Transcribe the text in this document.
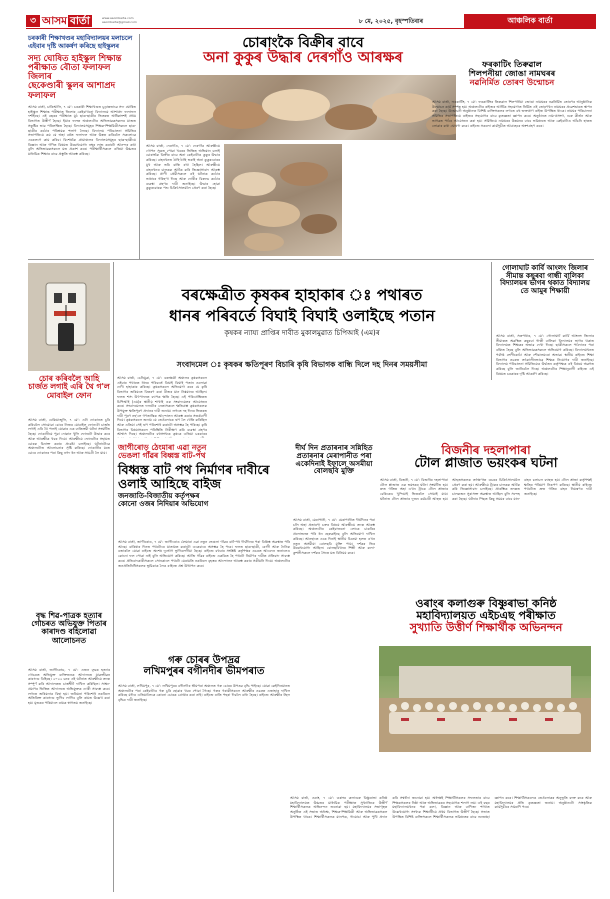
৩ আসম বার্তা	www.asombarta.com
asombarta@gmail.com	৮ মে, ২০২৫, বৃহস্পতিবাৰ	আঞ্চলিক বাৰ্তা
চৰকাৰী শিক্ষাখণ্ডৰ মহাবিদ্যালয়ৰ মলাচলে
এইবাৰ দৃষ্টি আকৰ্ষণ কৰিছে হাইস্কুলৰ
সদ্য ঘোষিত হাইস্কুল শিক্ষান্ত
পৰীক্ষাত বৌতা ফলাফল জিলাৰ
ছেকেণ্ডাৰী স্কুলৰ আশাপ্ৰদ ফলাফল
আসম বাৰ্তা, চাৰিআলি, ৭ মে': চৰকাৰী শিক্ষাখণ্ডত চূড়ান্তভাৱে সদ্য ঘোষিত হাইস্কুল শিক্ষান্ত পৰীক্ষাত জিলাৰ কেইবাখনো বিদ্যালয়ে আশাপ্ৰদ ফলাফল দৰ্শাইছে। এই বছৰৰ পৰীক্ষাত মুঠ ছাত্ৰ-ছাত্ৰীৰ ভিতৰত অধিকাংশই প্ৰথম বিভাগত উত্তীৰ্ণ হৈছে। ইয়াৰ ফলত অঞ্চলটোৰ অভিভাৱকসকলৰ মাজত সন্তুষ্টিৰ ভাৱ পৰিলক্ষিত হৈছে। বিদ্যালয়সমূহৰ শিক্ষক-শিক্ষয়িত্ৰীসকলে ছাত্ৰ-ছাত্ৰীৰ কঠোৰ পৰিশ্ৰমক শলাগ লৈছে। বিদ্যালয় পৰিচালনা সমিতিৰ সভাপতিয়ে কয় যে অহা বৰ্ষত ফলাফল আৰু উন্নত কৰিবলৈ সকলোৱে একেলগে কাম কৰিব। বিশেষকৈ গ্ৰামাঞ্চলৰ বিদ্যালয়সমূহৰ ছাত্ৰ-ছাত্ৰীয়ে বিজ্ঞান আৰু গণিত বিষয়ত উল্লেখযোগ্য নম্বৰ লাভ কৰাটো আনন্দৰ কথা বুলি অভিভাৱকসকলে মত প্ৰকাশ কৰে। পৰীক্ষাৰ্থীসকলে এতিয়া উচ্চতৰ মাধ্যমিক শিক্ষাৰ বাবে প্ৰস্তুতি আৰম্ভ কৰিছে।
চোৰাংকৈ বিক্ৰীৰ বাবে
অনা কুকুৰ উদ্ধাৰ দেৰগাঁও আৰক্ষৰ
আসম বাৰ্তা, দেৰগাঁও, ৭ মে': দেৰগাঁও আৰক্ষীয়ে গোপন সূত্ৰত পোৱা খবৰৰ ভিত্তিত অভিযান চলাই চোৰাংকৈ বিক্ৰীৰ বাবে অনা কেইবাটাও কুকুৰ উদ্ধাৰ কৰিছে। বাহনখনত ঠাহি-ঠাহি ভৰাই অনা কুকুৰবোৰৰ মুখ আৰু ভৰি বান্ধি ৰখা হৈছিল। আৰক্ষীয়ে বাহনখনৰ চালকক আটক কৰি জিজ্ঞাসাবাদ আৰম্ভ কৰিছে। প্ৰাণী প্ৰেমীসকলে এই ঘটনাক কঠোৰ ভাষাৰে গৰিহণা দিছে আৰু দোষীৰ বিৰুদ্ধে কঠোৰ ব্যৱস্থা গ্ৰহণৰ দাবী জনাইছে। উদ্ধাৰ হোৱা কুকুৰবোৰক পশু চিকিৎসালয়লৈ প্ৰেৰণ কৰা হৈছে।
ফৰকাটিং তিৰুৱাল
শিলপনীয়া জোঙা নামঘৰৰ
নৱনিৰ্মিত তোৰণ উন্মোচন
আসম বাৰ্তা, ফৰকাটিং, ৭ মে': ফৰকাটিংৰ তিৰুৱাল শিলপনীয়া জোঙা নামঘৰৰ নৱনিৰ্মিত তোৰণৰ আনুষ্ঠানিক উন্মোচন কাৰ্য সম্পন্ন হয়। অঞ্চলটোৰ ৰাইজৰ আৰ্থিক সহযোগত নিৰ্মিত এই তোৰণখন নামঘৰৰ প্ৰৱেশদ্বাৰত স্থাপন কৰা হৈছে। উন্মোচনী অনুষ্ঠানত বিশিষ্ট ব্যক্তিসকলৰ লগতে বহু ভক্তপ্ৰাণ ৰাইজ উপস্থিত থাকে। নামঘৰ পৰিচালনা সমিতিৰ সভাপতিয়ে ৰাইজৰ সহযোগৰ বাবে কৃতজ্ঞতা জ্ঞাপন কৰে। অনুষ্ঠানত নাম-প্ৰসংগ, গুৰু কীৰ্তন আৰু ভাগৱত পাঠৰ আয়োজন কৰা হয়। সমিতিয়ে নামঘৰৰ উন্নয়নৰ বাবে ভৱিষ্যতে আৰু কেইবাটাও আঁচনি হাতত লোৱাৰ কথা ঘোষণা কৰে। ৰাইজে সকলো কাৰ্যসূচীত আগ্ৰহেৰে অংশগ্ৰহণ কৰে।
বৰক্ষেত্ৰীত কৃষকৰ হাহাকাৰ ঃ পথাৰত
ধানৰ পৰিবৰ্তে বিঘাই বিঘাই ওলাইছে পতান
কৃষকৰ ন্যায্য প্ৰাপ্তিৰ দাবীত মুকালমুৱাত চিপিআই (এম)ৰ
সংবাদমেল ঃ কৃষকৰ ক্ষতিপূৰণ বিচাৰি কৃষি বিভাগক বান্ধি দিলে দহ দিনৰ সময়সীমা
আসম বাৰ্তা, চেনিমুৱা, ৭ মে': বৰক্ষেত্ৰী অঞ্চলৰ কৃষকসকলে এইবাৰ পথাৰত ধানৰ পৰিবৰ্তে বিঘাই বিঘাই পতান ওলোৱা দেখি হাহাকাৰ কৰিছে। কৃষকসকলে অভিযোগ কৰে যে কৃষি বিভাগৰ জৰিয়তে বিতৰণ কৰা বীজৰ মান নিম্নমানৰ আছিল। ফলত শস্য উৎপাদনত ব্যাপক ক্ষতি হৈছে। এই পৰিপ্ৰেক্ষিতত চিপিআই (এম)ৰ স্থানীয় শাখাই এক সংবাদমেলৰ আয়োজন কৰে। সংবাদমেলত দলটোৰ নেতাসকলে ক্ষতিগ্ৰস্ত কৃষকসকলক উপযুক্ত ক্ষতিপূৰণ প্ৰদানৰ দাবী জনায়। লগতে দহ দিনৰ ভিতৰত দাবী পূৰণ নহ'লে গণতান্ত্ৰিক আন্দোলন আৰম্ভ কৰাৰ সতৰ্কবাণী দিয়ে। কৃষকসকলে জনায় যে তেওঁলোকে ঋণ লৈ খেতি কৰিছিল আৰু এতিয়া সেই ঋণ পৰিশোধ কৰাটো অসম্ভৱ হৈ পৰিছে। কৃষি বিভাগৰ বিষয়াসকলে পৰিস্থিতি নিৰীক্ষণ কৰি ব্যৱস্থা গ্ৰহণৰ আশ্বাস দিছে। অঞ্চলটোৰ বহুসংখ্যক কৃষকে এতিয়া চৰকাৰৰ
গোলাঘাট কাৰ্বি আংলং জিলাৰ সীমান্ত কছুৰবা গান্ধী বালিকা বিদ্যালয়ৰ ভাগৰ থকাত বিদ্যালয় তে আমুৰ শিক্ষায়ী
আসম বাৰ্তা, সৰুপথাৰ, ৭ মে': গোলাঘাট কাৰ্বি আংলং জিলাৰ সীমান্তত অৱস্থিত কছুৰবা গান্ধী বালিকা বিদ্যালয়ৰ ভাগৰ থকাত বিদ্যালয়ত শিক্ষকৰ অভাৱ দেখা দিছে। ছাত্ৰীসকলে পাঠদানৰ পৰা বঞ্চিত হৈছে বুলি অভিভাৱকসকলে অভিযোগ কৰিছে। বিদ্যালয়খনত পৰ্যাপ্ত শ্ৰেণীকোঠা আৰু শৌচালয়ৰো অভাৱ। স্থানীয় ৰাইজে শিক্ষা বিভাগৰ ওচৰত তৎকালীনভাৱে শিক্ষক নিয়োগৰ দাবী জনাইছে। বিদ্যালয় পৰিচালনা সমিতিয়েও উৰ্দ্ধতন কৰ্তৃপক্ষক এই বিষয়ে অৱগত কৰিছে বুলি জানিবলৈ দিছে। অঞ্চলটোৰ শিক্ষানুৰাগী ৰাইজে এই বিষয়ত চৰকাৰৰ দৃষ্টি আকৰ্ষণ কৰিছে।
চোৰ কৰিবলৈ আহি চাৰ্জত লগাই এৰি থৈ গ'ল মোবাইল ফোন
আসম বাৰ্তা, ঢেকিয়াজুলি, ৭ মে': এটা দোকানত চুৰি কৰিবলৈ সোমোৱা চোৰে নিজৰ মোবাইল ফোনটো চাৰ্জত লগাই এৰি থৈ পলাই যোৱাৰ এক ব্যতিক্ৰমী ঘটনা সংঘটিত হৈছে। দোকানীয়ে পুৱা দোকান খুলি ফোনটো উদ্ধাৰ কৰে আৰু আৰক্ষীক খবৰ দিয়ে। আৰক্ষীয়ে ফোনটোৰ সহায়ত চোৰক চিনাক্ত কৰাৰ প্ৰচেষ্টা চলাইছে। ঘটনাটোৱে অঞ্চলটোত আলোচনাৰ সৃষ্টি কৰিছে। দোকানীৰ মতে চোৰে দোকানৰ পৰা কিছু নগদ ধন আৰু সামগ্ৰী লৈ যায়।
বৃদ্ধ শিৱ-পাত্ৰক হত্যাৰ গোচৰত অভিযুক্ত পিতাৰ কাৰাদণ্ড বহিলোৱা আলোচনত
আসম বাৰ্তা, জাগীৰোড, ৭ মে': এজন বৃদ্ধক হত্যাৰ গোচৰত অভিযুক্ত ব্যক্তিজনক আদালতে যাৱজ্জীৱন কাৰাদণ্ড বিহিছে। ২০২২ চনৰ এই ঘটনাত আৰক্ষীয়ে তদন্ত সম্পূৰ্ণ কৰি আদালতত চাৰ্জশ্বীট দাখিল কৰিছিল। সাক্ষ্য-প্ৰমাণৰ ভিত্তিত আদালতে অভিযুক্তক দোষী সাব্যস্ত কৰে। লগতে জৰিমনাও বিহা হয়। জৰিমনা পৰিশোধ নকৰিলে অতিৰিক্ত কাৰাদণ্ড ভুগিব লাগিব বুলি ৰায়ত উল্লেখ কৰা হয়। মৃতকৰ পৰিয়ালে ৰায়ক স্বাগতম জনাইছে।
জাগীৰোড় ঠেংমাৰা এৱা নতুন
ভেঙলা গাঁৱৰ বিধ্বস্ত বাট-পথ
বিধ্বস্ত বাট পথ নিৰ্মাণৰ দাবীৰে ওলাই আহিছে বাইজ
জনজাতি-বিজাতীয় কৰ্তৃপক্ষৰ
কোনো ওজৰ নিদিয়াৰ অভিযোগ
আসম বাৰ্তা, জাগীৰোড, ৭ মে': জাগীৰোড ঠেংমাৰা এৱা নতুন ভেঙলা গাঁৱৰ বাট-পথ দীৰ্ঘদিনৰ পৰা বিধ্বস্ত অৱস্থাত পৰি আছে। বাৰিষাৰ দিনত পথটোৰে যাতায়ত কৰাটো একেবাৰে অসম্ভৱ হৈ পৰে। ফলত ছাত্ৰ-ছাত্ৰী, ৰোগী আৰু দৈনিক বজাৰলৈ যোৱা ৰাইজে অশেষ দুৰ্ভোগ ভুগিবলগীয়া হৈছে। ৰাইজে বহুবাৰ সংশ্লিষ্ট কৰ্তৃপক্ষৰ ওচৰত আবেদন জনালেও কোনো ফল পোৱা নাই বুলি অভিযোগ কৰিছে। আজি গাঁৱৰ ৰাইজে একত্ৰিত হৈ পথটো নিৰ্মাণৰ দাবীত প্ৰতিবাদ সাব্যস্ত কৰে। প্ৰতিবাদকাৰীসকলে সোনকালে পথটো মেৰামতি নকৰিলে বৃহত্তৰ আন্দোলন আৰম্ভ কৰাৰ সকীয়নি দিয়ে। অঞ্চলটোৰ জনপ্ৰতিনিধিসকলৰ ভূমিকাক লৈও ৰাইজে প্ৰশ্ন উত্থাপন কৰে।
গৰু চোৰৰ উপদ্ৰৱ
লখিমপুৰৰ বগীনদীৰ ভীমপৰাত
আসম বাৰ্তা, লখিমপুৰ, ৭ মে': লখিমপুৰৰ বগীনদীৰ ভীমপৰা অঞ্চলত গৰু চোৰৰ উপদ্ৰৱ বৃদ্ধি পাইছে। যোৱা কেইদিনমানত অঞ্চলটোৰ পৰা কেইবাটাও গৰু চুৰি হোৱাৰ খবৰ পোৱা গৈছে। গৰুৰ গৰাকীসকলে আৰক্ষীৰ ওচৰত এজাহাৰ দাখিল কৰিছে যদিও এতিয়ালৈকে কোনো চোৰক গ্ৰেপ্তাৰ কৰা নাই। ৰাইজে ৰাতি পহৰা দিবলৈ বাধ্য হৈছে। ৰাইজে আৰক্ষীৰ টহল বৃদ্ধিৰ দাবী জনাইছে।
দীৰ্ঘ দিন প্ৰতাৰনাৰ সন্নিহিত প্ৰতাৰনাৰ মেৰাপানীত পৰা একেদিনাই ইফালে অসমীয়া বোলছবি মুক্তি
আসম বাৰ্তা, মেৰাপানী, ৭ মে': মেৰাপানীত দীৰ্ঘদিনৰ পৰা চলি অহা প্ৰতাৰণা চক্ৰৰ বিষয়ে আৰক্ষীয়ে তদন্ত আৰম্ভ কৰিছে। অঞ্চলটোৰ কেইবাজনো লোকে চাকৰিৰ প্ৰলোভনত পৰি ধন হেৰুৱাইছে বুলি অভিযোগ দাখিল কৰিছে। আনহাতে একে দিনাই স্থানীয় চিনেমা হলত এখন নতুন অসমীয়া বোলছবি মুক্তি পায়। দৰ্শকৰ ভিৰ উল্লেখযোগ্য আছিল। বোলছবিখনৰ শিল্পী আৰু কলা-কুশলীসকলে দৰ্শকৰ সৈতে মত বিনিময় কৰে।
বিজনীৰ দহলাপাৰা
টোল প্লাজাত ভয়ংকৰ ঘটনা
আসম বাৰ্তা, বিজনী, ৭ মে': বিজনীৰ দহলাপাৰা টোল প্লাজাত এক ভয়ংকৰ ঘটনা সংঘটিত হয়। দ্ৰুত গতিত অহা এখন ট্ৰাকে টোল প্লাজাৰ বেৰিকেড খুন্দিয়াই ভিতৰলৈ সোমাই যায়। ঘটনাত টোল প্লাজাৰ দুজন কৰ্মচাৰী আহত হয়। আহতসকলক তৎক্ষণাত ওচৰৰ চিকিৎসালয়লৈ প্ৰেৰণ কৰা হয়। আৰক্ষীয়ে ট্ৰাকৰ চালকক আটক কৰি জিজ্ঞাসাবাদ চলাইছে। প্ৰাৰম্ভিক তদন্তত চালকজন সুৰাসক্ত অৱস্থাত আছিল বুলি সন্দেহ কৰা হৈছে। ঘটনাৰ পিছত কিছু সময়ৰ বাবে যান-বাহন চলাচল ব্যাহত হয়। টোল প্লাজা কৰ্তৃপক্ষই ক্ষতিৰ পৰিমাণ নিৰূপণ কৰিছে। স্থানীয় ৰাইজে পথটোত দ্ৰুত গতিৰ বাহন নিয়ন্ত্ৰণৰ দাবী জনাইছে।
ওৰাংৰ কলাগুৰু বিষ্ণুৰাভা কনিষ্ঠ
মহাবিদ্যালয়ত এইচএছ পৰীক্ষাত
সুখ্যাতি উত্তীৰ্ণ শিক্ষাৰ্থীক অভিনন্দন
আসম বাৰ্তা, ওৰাং, ৭ মে': ওৰাংৰ কলাগুৰু বিষ্ণুৰাভা কনিষ্ঠ মহাবিদ্যালয়ত উচ্চতৰ মাধ্যমিক পৰীক্ষাত সুখ্যাতিৰে উত্তীৰ্ণ শিক্ষাৰ্থীসকলক অভিনন্দন জনোৱা হয়। মহাবিদ্যালয়ৰ সভাগৃহত অনুষ্ঠিত এই সভাত অধ্যক্ষ, শিক্ষক-শিক্ষয়িত্ৰী আৰু অভিভাৱকসকল উপস্থিত থাকে। শিক্ষাৰ্থীসকলক মানপত্ৰ, গামোচা আৰু পুথি প্ৰদান কৰি সম্বৰ্ধনা জনোৱা হয়। অধ্যক্ষই শিক্ষাৰ্থীসকলৰ সফলতাৰ বাবে শিক্ষকসকলৰ নিষ্ঠা আৰু অভিভাৱকৰ সহযোগক শলাগ লয়। এই বছৰ মহাবিদ্যালয়খনৰ পৰা কলা, বিজ্ঞান আৰু বাণিজ্য শাখাত উল্লেখযোগ্য সংখ্যক শিক্ষাৰ্থীয়ে প্ৰথম বিভাগত উত্তীৰ্ণ হৈছে। সভাত উপস্থিত বিশিষ্ট ব্যক্তিসকলে শিক্ষাৰ্থীসকলক ভৱিষ্যতৰ বাবে শুভেচ্ছা জ্ঞাপন কৰে। শিক্ষাৰ্থীসকলেও তেওঁলোকৰ অনুভূতি ব্যক্ত কৰে আৰু মহাবিদ্যালয়ৰ প্ৰতি কৃতজ্ঞতা জনায়। অনুষ্ঠানটো সাংস্কৃতিক কাৰ্যসূচীৰে সামৰণি পৰে।
